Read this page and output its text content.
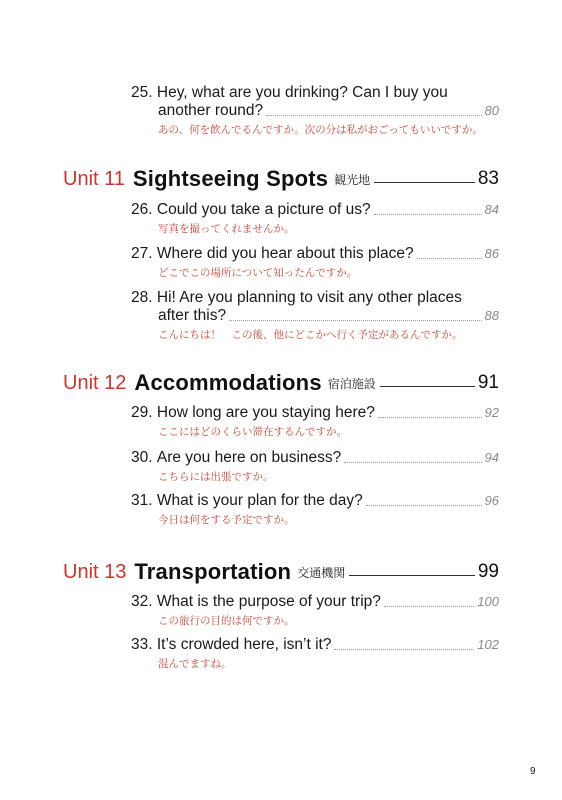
25.
Hey, what are you drinking? Can I buy you
another round?	80
あの、何を飲んでるんですか。次の分は私がおごってもいいですか。
Unit 11 Sightseeing Spots 観光地	83
26.
Could you take a picture of us?	84
写真を撮ってくれませんか。
27.
Where did you hear about this place?	86
どこでこの場所について知ったんですか。
28.
Hi! Are you planning to visit any other places
after this?	88
こんにちは！　この後、他にどこかへ行く予定があるんですか。
Unit 12 Accommodations 宿泊施設	91
29.
How long are you staying here?	92
ここにはどのくらい滞在するんですか。
30.
Are you here on business?	94
こちらには出張ですか。
31.
What is your plan for the day?	96
今日は何をする予定ですか。
Unit 13 Transportation 交通機関	99
32.
What is the purpose of your trip?	100
この旅行の目的は何ですか。
33.
It’s crowded here, isn’t it?	102
混んでますね。
9
